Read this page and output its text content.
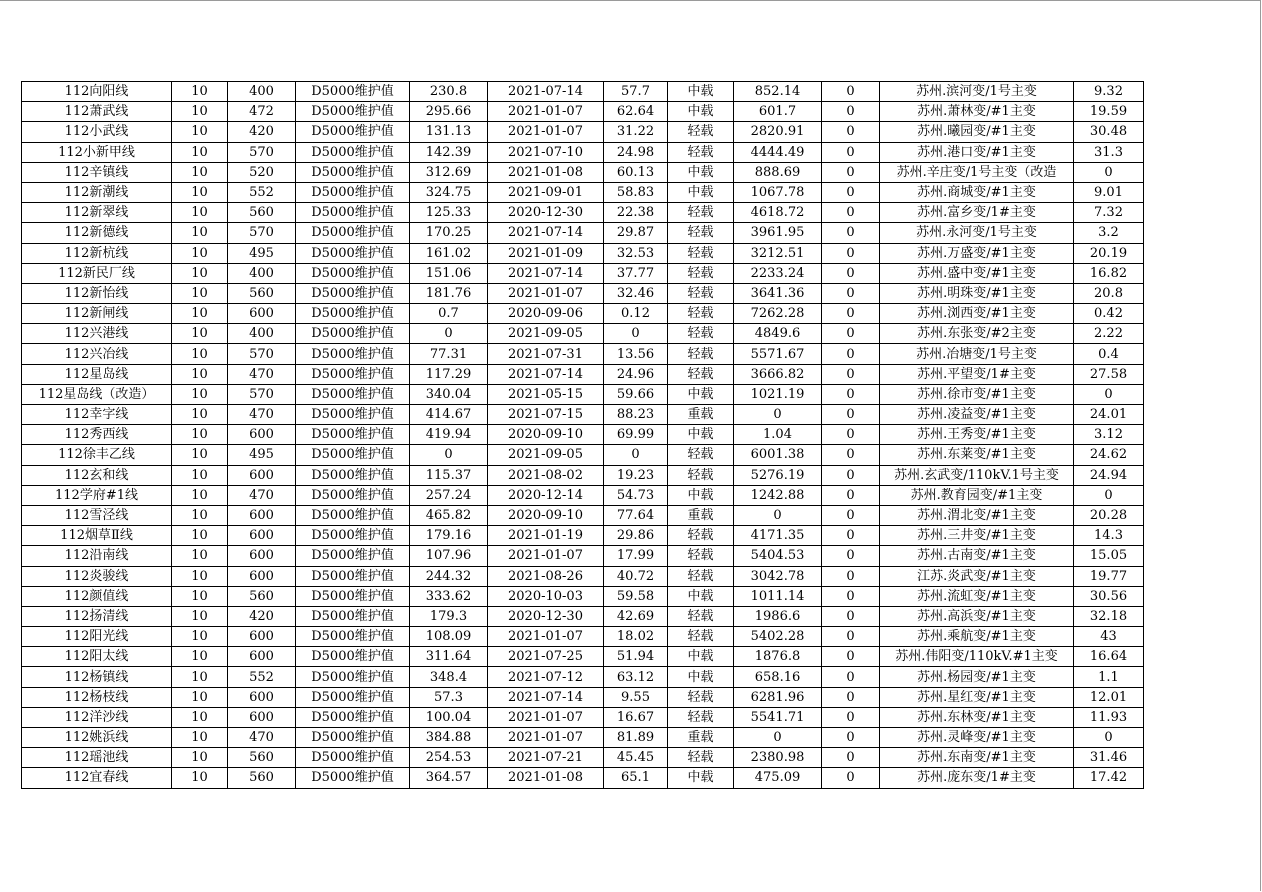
112向阳线	10	400	D5000维护值	230.8	2021-07-14	57.7	中载	852.14	0	苏州.滨河变/1号主变	9.32
112萧武线	10	472	D5000维护值	295.66	2021-01-07	62.64	中载	601.7	0	苏州.萧林变/#1主变	19.59
112小武线	10	420	D5000维护值	131.13	2021-01-07	31.22	轻载	2820.91	0	苏州.曦园变/#1主变	30.48
112小新甲线	10	570	D5000维护值	142.39	2021-07-10	24.98	轻载	4444.49	0	苏州.港口变/#1主变	31.3
112辛镇线	10	520	D5000维护值	312.69	2021-01-08	60.13	中载	888.69	0	苏州.辛庄变/1号主变（改造	0
112新潮线	10	552	D5000维护值	324.75	2021-09-01	58.83	中载	1067.78	0	苏州.商城变/#1主变	9.01
112新翠线	10	560	D5000维护值	125.33	2020-12-30	22.38	轻载	4618.72	0	苏州.富乡变/1#主变	7.32
112新德线	10	570	D5000维护值	170.25	2021-07-14	29.87	轻载	3961.95	0	苏州.永河变/1号主变	3.2
112新杭线	10	495	D5000维护值	161.02	2021-01-09	32.53	轻载	3212.51	0	苏州.万盛变/#1主变	20.19
112新民厂线	10	400	D5000维护值	151.06	2021-07-14	37.77	轻载	2233.24	0	苏州.盛中变/#1主变	16.82
112新怡线	10	560	D5000维护值	181.76	2021-01-07	32.46	轻载	3641.36	0	苏州.明珠变/#1主变	20.8
112新闸线	10	600	D5000维护值	0.7	2020-09-06	0.12	轻载	7262.28	0	苏州.浏西变/#1主变	0.42
112兴港线	10	400	D5000维护值	0	2021-09-05	0	轻载	4849.6	0	苏州.东张变/#2主变	2.22
112兴冶线	10	570	D5000维护值	77.31	2021-07-31	13.56	轻载	5571.67	0	苏州.冶塘变/1号主变	0.4
112星岛线	10	470	D5000维护值	117.29	2021-07-14	24.96	轻载	3666.82	0	苏州.平望变/1#主变	27.58
112星岛线（改造）	10	570	D5000维护值	340.04	2021-05-15	59.66	中载	1021.19	0	苏州.徐市变/#1主变	0
112幸字线	10	470	D5000维护值	414.67	2021-07-15	88.23	重载	0	0	苏州.凌益变/#1主变	24.01
112秀西线	10	600	D5000维护值	419.94	2020-09-10	69.99	中载	1.04	0	苏州.王秀变/#1主变	3.12
112徐丰乙线	10	495	D5000维护值	0	2021-09-05	0	轻载	6001.38	0	苏州.东莱变/#1主变	24.62
112玄和线	10	600	D5000维护值	115.37	2021-08-02	19.23	轻载	5276.19	0	苏州.玄武变/110kV.1号主变	24.94
112学府#1线	10	470	D5000维护值	257.24	2020-12-14	54.73	中载	1242.88	0	苏州.教育园变/#1主变	0
112雪泾线	10	600	D5000维护值	465.82	2020-09-10	77.64	重载	0	0	苏州.渭北变/#1主变	20.28
112烟草Ⅱ线	10	600	D5000维护值	179.16	2021-01-19	29.86	轻载	4171.35	0	苏州.三井变/#1主变	14.3
112沿南线	10	600	D5000维护值	107.96	2021-01-07	17.99	轻载	5404.53	0	苏州.古南变/#1主变	15.05
112炎骏线	10	600	D5000维护值	244.32	2021-08-26	40.72	轻载	3042.78	0	江苏.炎武变/#1主变	19.77
112颜值线	10	560	D5000维护值	333.62	2020-10-03	59.58	中载	1011.14	0	苏州.流虹变/#1主变	30.56
112扬清线	10	420	D5000维护值	179.3	2020-12-30	42.69	轻载	1986.6	0	苏州.高浜变/#1主变	32.18
112阳光线	10	600	D5000维护值	108.09	2021-01-07	18.02	轻载	5402.28	0	苏州.乘航变/#1主变	43
112阳太线	10	600	D5000维护值	311.64	2021-07-25	51.94	中载	1876.8	0	苏州.伟阳变/110kV.#1主变	16.64
112杨镇线	10	552	D5000维护值	348.4	2021-07-12	63.12	中载	658.16	0	苏州.杨园变/#1主变	1.1
112杨枝线	10	600	D5000维护值	57.3	2021-07-14	9.55	轻载	6281.96	0	苏州.星红变/#1主变	12.01
112洋沙线	10	600	D5000维护值	100.04	2021-01-07	16.67	轻载	5541.71	0	苏州.东林变/#1主变	11.93
112姚浜线	10	470	D5000维护值	384.88	2021-01-07	81.89	重载	0	0	苏州.灵峰变/#1主变	0
112瑶池线	10	560	D5000维护值	254.53	2021-07-21	45.45	轻载	2380.98	0	苏州.东南变/#1主变	31.46
112宜春线	10	560	D5000维护值	364.57	2021-01-08	65.1	中载	475.09	0	苏州.庞东变/1#主变	17.42
